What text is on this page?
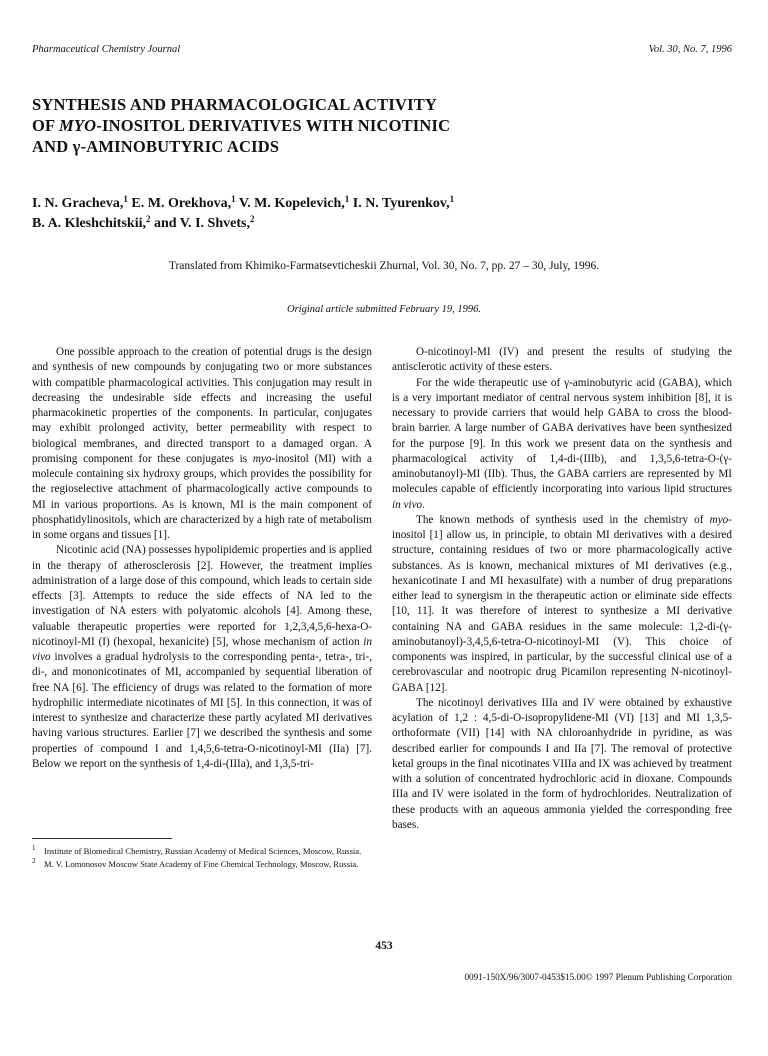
Pharmaceutical Chemistry Journal	Vol. 30, No. 7, 1996
SYNTHESIS AND PHARMACOLOGICAL ACTIVITY
OF MYO-INOSITOL DERIVATIVES WITH NICOTINIC
AND γ-AMINOBUTYRIC ACIDS
I. N. Gracheva,$^1$ E. M. Orekhova,$^1$ V. M. Kopelevich,$^1$ I. N. Tyurenkov,$^1$
B. A. Kleshchitskii,$^2$ and V. I. Shvets,$^2$
Translated from Khimiko-Farmatsevticheskii Zhurnal, Vol. 30, No. 7, pp. 27 – 30, July, 1996.
Original article submitted February 19, 1996.

One possible approach to the creation of potential drugs is the design and synthesis of new compounds by conjugating two or more substances with compatible pharmacological activities. This conjugation may result in decreasing the undesirable side effects and increasing the useful pharmacokinetic properties of the components. In particular, conjugates may exhibit prolonged activity, better permeability with respect to biological membranes, and directed transport to a damaged organ. A promising component for these conjugates is myo-inositol (MI) with a molecule containing six hydroxy groups, which provides the possibility for the regioselective attachment of pharmacologically active compounds to MI in various proportions. As is known, MI is the main component of phosphatidylinositols, which are characterized by a high rate of metabolism in some organs and tissues [1].

Nicotinic acid (NA) possesses hypolipidemic properties and is applied in the therapy of atherosclerosis [2]. However, the treatment implies administration of a large dose of this compound, which leads to certain side effects [3]. Attempts to reduce the side effects of NA led to the investigation of NA esters with polyatomic alcohols [4]. Among these, valuable therapeutic properties were reported for 1,2,3,4,5,6-hexa-O-nicotinoyl-MI (I) (hexopal, hexanicite) [5], whose mechanism of action in vivo involves a gradual hydrolysis to the corresponding penta-, tetra-, tri-, di-, and mononicotinates of MI, accompanied by sequential liberation of free NA [6]. The efficiency of drugs was related to the formation of more hydrophilic intermediate nicotinates of MI [5]. In this connection, it was of interest to synthesize and characterize these partly acylated MI derivatives having various structures. Earlier [7] we described the synthesis and some properties of compound I and 1,4,5,6-tetra-O-nicotinoyl-MI (IIa) [7]. Below we report on the synthesis of 1,4-di-(IIIa), and 1,3,5-tri-

O-nicotinoyl-MI (IV) and present the results of studying the antisclerotic activity of these esters.

For the wide therapeutic use of γ-aminobutyric acid (GABA), which is a very important mediator of central nervous system inhibition [8], it is necessary to provide carriers that would help GABA to cross the blood-brain barrier. A large number of GABA derivatives have been synthesized for the purpose [9]. In this work we present data on the synthesis and pharmacological activity of 1,4-di-(IIIb), and 1,3,5,6-tetra-O-(γ-aminobutanoyl)-MI (IIb). Thus, the GABA carriers are represented by MI molecules capable of efficiently incorporating into various lipid structures in vivo.

The known methods of synthesis used in the chemistry of myo-inositol [1] allow us, in principle, to obtain MI derivatives with a desired structure, containing residues of two or more pharmacologically active substances. As is known, mechanical mixtures of MI derivatives (e.g., hexanicotinate I and MI hexasulfate) with a number of drug preparations either lead to synergism in the therapeutic action or eliminate side effects [10, 11]. It was therefore of interest to synthesize a MI derivative containing NA and GABA residues in the same molecule: 1,2-di-(γ-aminobutanoyl)-3,4,5,6-tetra-O-nicotinoyl-MI (V). This choice of components was inspired, in particular, by the successful clinical use of a cerebrovascular and nootropic drug Picamilon representing N-nicotinoyl-GABA [12].

The nicotinoyl derivatives IIIa and IV were obtained by exhaustive acylation of 1,2 : 4,5-di-O-isopropylidene-MI (VI) [13] and MI 1,3,5-orthoformate (VII) [14] with NA chloroanhydride in pyridine, as was described earlier for compounds I and IIa [7]. The removal of protective ketal groups in the final nicotinates VIIIa and IX was achieved by treatment with a solution of concentrated hydrochloric acid in dioxane. Compounds IIIa and IV were isolated in the form of hydrochlorides. Neutralization of these products with an aqueous ammonia yielded the corresponding free bases.

1 Institute of Biomedical Chemistry, Russian Academy of Medical Sciences, Moscow, Russia.
2 M. V. Lomonosov Moscow State Academy of Fine Chemical Technology, Moscow, Russia.
453
0091-150X/96/3007-0453$15.00© 1997 Plenum Publishing Corporation
